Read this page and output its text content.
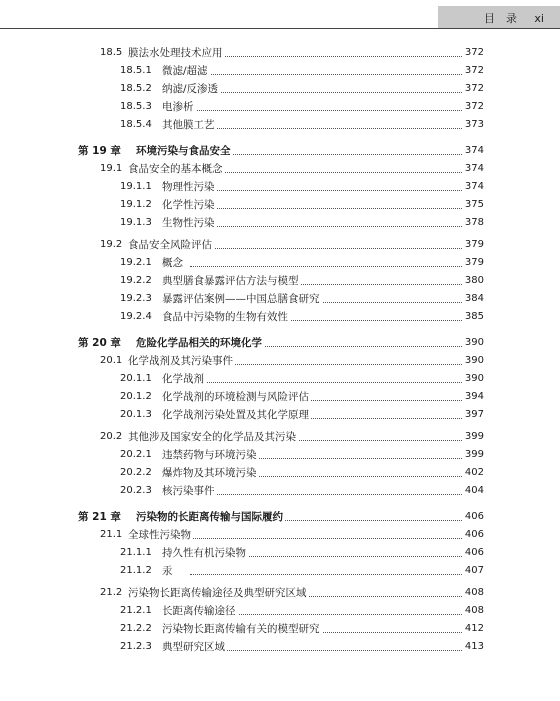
目　录 xi
18.5 膜法水处理技术应用	372
18.5.1 微滤/超滤	372
18.5.2 纳滤/反渗透	372
18.5.3 电渗析	372
18.5.4 其他膜工艺	373
第 19 章 环境污染与食品安全	374
19.1 食品安全的基本概念	374
19.1.1 物理性污染	374
19.1.2 化学性污染	375
19.1.3 生物性污染	378
19.2 食品安全风险评估	379
19.2.1 概念	379
19.2.2 典型膳食暴露评估方法与模型	380
19.2.3 暴露评估案例——中国总膳食研究	384
19.2.4 食品中污染物的生物有效性	385
第 20 章 危险化学品相关的环境化学	390
20.1 化学战剂及其污染事件	390
20.1.1 化学战剂	390
20.1.2 化学战剂的环境检测与风险评估	394
20.1.3 化学战剂污染处置及其化学原理	397
20.2 其他涉及国家安全的化学品及其污染	399
20.2.1 违禁药物与环境污染	399
20.2.2 爆炸物及其环境污染	402
20.2.3 核污染事件	404
第 21 章 污染物的长距离传输与国际履约	406
21.1 全球性污染物	406
21.1.1 持久性有机污染物	406
21.1.2 汞	407
21.2 污染物长距离传输途径及典型研究区域	408
21.2.1 长距离传输途径	408
21.2.2 污染物长距离传输有关的模型研究	412
21.2.3 典型研究区域	413
